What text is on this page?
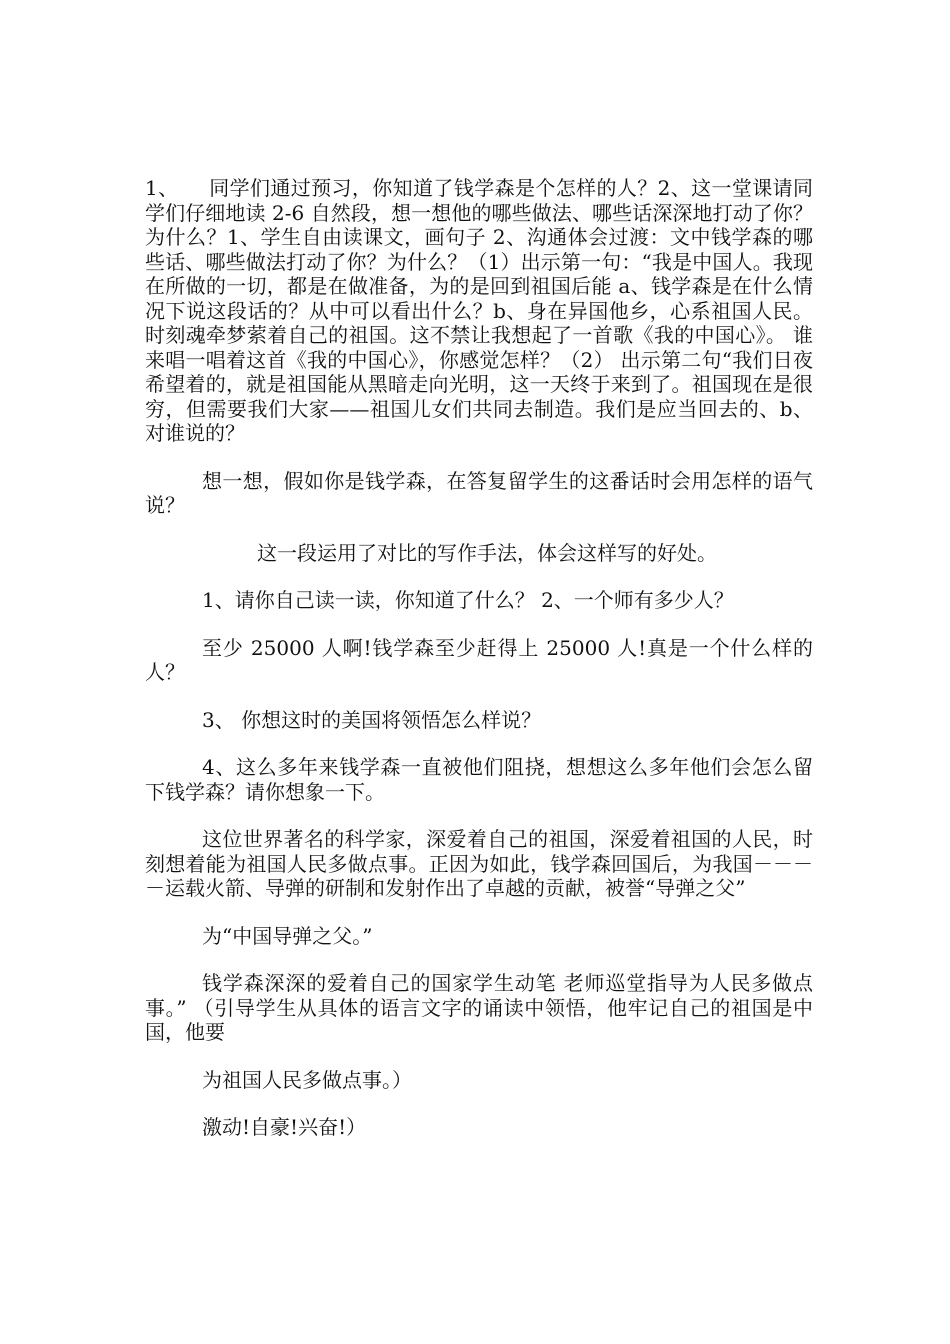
1、　　同学们通过预习，你知道了钱学森是个怎样的人？2、这一堂课请同学们仔细地读 2-6 自然段，想一想他的哪些做法、哪些话深深地打动了你？为什么？1、学生自由读课文，画句子 2、沟通体会过渡：文中钱学森的哪些话、哪些做法打动了你？为什么？（1）出示第一句：“我是中国人。我现在所做的一切，都是在做准备，为的是回到祖国后能 a、钱学森是在什么情况下说这段话的？从中可以看出什么？b、身在异国他乡，心系祖国人民。时刻魂牵梦萦着自己的祖国。这不禁让我想起了一首歌《我的中国心》。 谁来唱一唱着这首《我的中国心》，你感觉怎样？（2） 出示第二句“我们日夜希望着的，就是祖国能从黑暗走向光明，这一天终于来到了。祖国现在是很穷，但需要我们大家——祖国儿女们共同去制造。我们是应当回去的、b、对谁说的？

想一想，假如你是钱学森，在答复留学生的这番话时会用怎样的语气说？

这一段运用了对比的写作手法，体会这样写的好处。

1、请你自己读一读，你知道了什么？ 2、一个师有多少人？

至少 25000 人啊!钱学森至少赶得上 25000 人!真是一个什么样的人？

3、 你想这时的美国将领悟怎么样说？

4、这么多年来钱学森一直被他们阻挠，想想这么多年他们会怎么留下钱学森？请你想象一下。

这位世界著名的科学家，深爱着自己的祖国，深爱着祖国的人民，时刻想着能为祖国人民多做点事。正因为如此，钱学森回国后，为我国－－－－运载火箭、导弹的研制和发射作出了卓越的贡献，被誉“导弹之父”

为“中国导弹之父。”

钱学森深深的爱着自己的国家学生动笔 老师巡堂指导为人民多做点事。” （引导学生从具体的语言文字的诵读中领悟，他牢记自己的祖国是中国，他要

为祖国人民多做点事。）

激动!自豪!兴奋!）
